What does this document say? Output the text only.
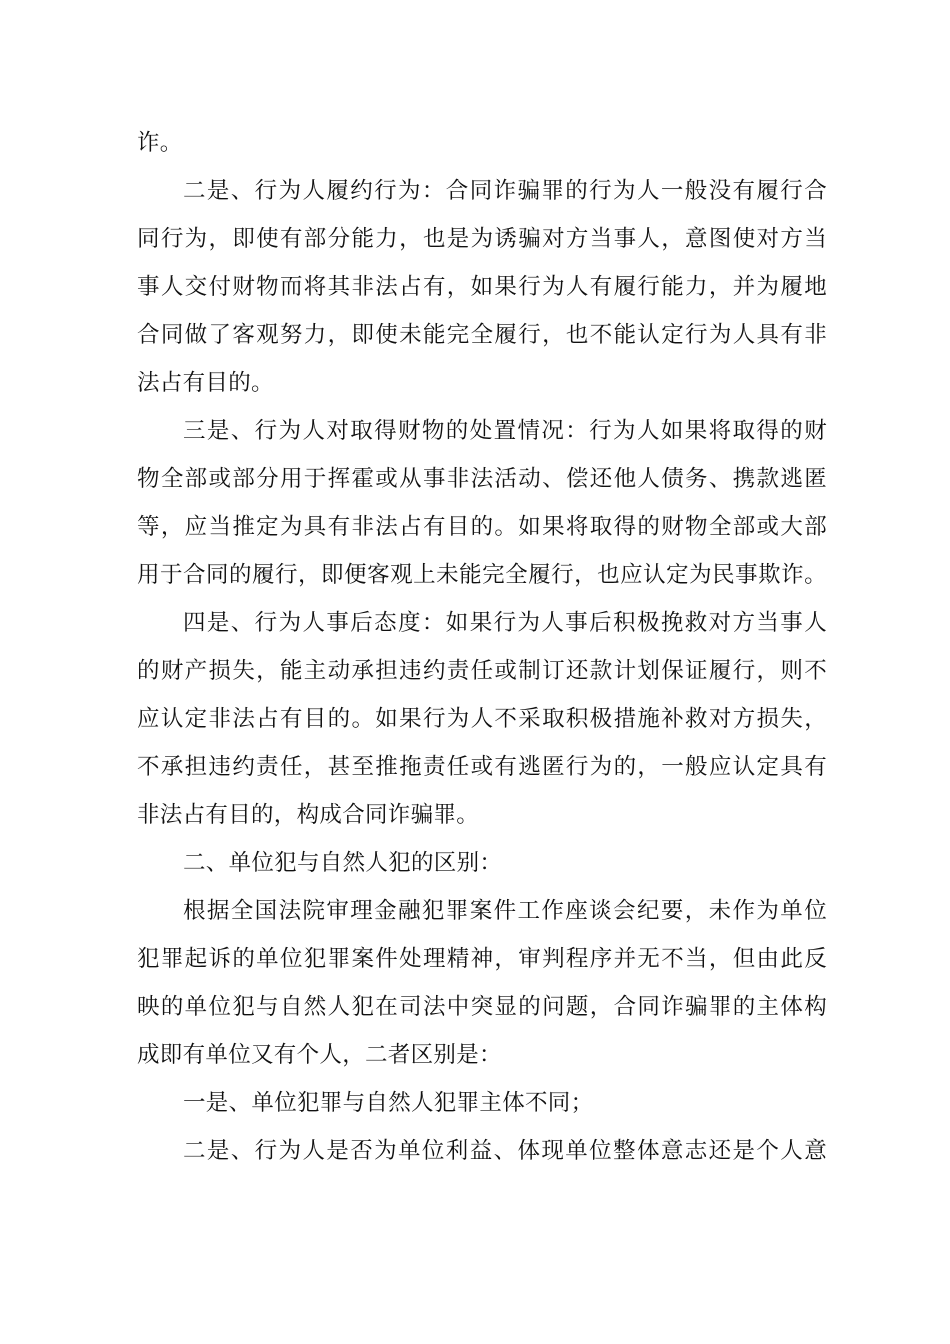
诈。
二是、行为人履约行为：合同诈骗罪的行为人一般没有履行合
同行为，即使有部分能力，也是为诱骗对方当事人，意图使对方当
事人交付财物而将其非法占有，如果行为人有履行能力，并为履地
合同做了客观努力，即使未能完全履行，也不能认定行为人具有非
法占有目的。
三是、行为人对取得财物的处置情况：行为人如果将取得的财
物全部或部分用于挥霍或从事非法活动、偿还他人债务、携款逃匿
等，应当推定为具有非法占有目的。如果将取得的财物全部或大部
用于合同的履行，即便客观上未能完全履行，也应认定为民事欺诈。
四是、行为人事后态度：如果行为人事后积极挽救对方当事人
的财产损失，能主动承担违约责任或制订还款计划保证履行，则不
应认定非法占有目的。如果行为人不采取积极措施补救对方损失，
不承担违约责任，甚至推拖责任或有逃匿行为的，一般应认定具有
非法占有目的，构成合同诈骗罪。
二、单位犯与自然人犯的区别：
根据全国法院审理金融犯罪案件工作座谈会纪要，未作为单位
犯罪起诉的单位犯罪案件处理精神，审判程序并无不当，但由此反
映的单位犯与自然人犯在司法中突显的问题，合同诈骗罪的主体构
成即有单位又有个人，二者区别是：
一是、单位犯罪与自然人犯罪主体不同；
二是、行为人是否为单位利益、体现单位整体意志还是个人意
